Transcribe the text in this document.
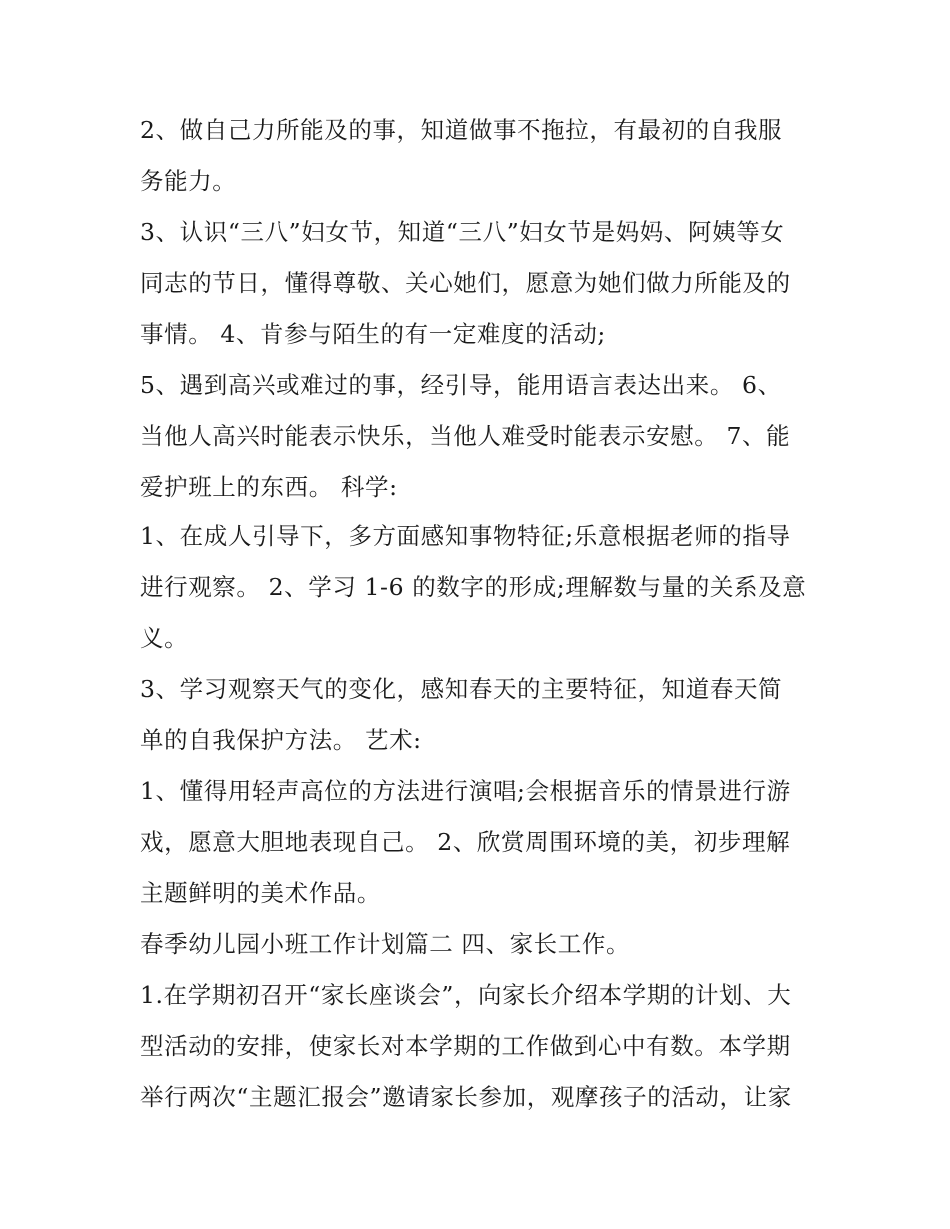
2、做自己力所能及的事，知道做事不拖拉，有最初的自我服
务能力。
3、认识“三八”妇女节，知道“三八”妇女节是妈妈、阿姨等女
同志的节日，懂得尊敬、关心她们，愿意为她们做力所能及的
事情。 4、肯参与陌生的有一定难度的活动;
5、遇到高兴或难过的事，经引导，能用语言表达出来。 6、
当他人高兴时能表示快乐，当他人难受时能表示安慰。 7、能
爱护班上的东西。 科学:
1、在成人引导下，多方面感知事物特征;乐意根据老师的指导
进行观察。 2、学习 1-6 的数字的形成;理解数与量的关系及意
义。
3、学习观察天气的变化，感知春天的主要特征，知道春天简
单的自我保护方法。 艺术:
1、懂得用轻声高位的方法进行演唱;会根据音乐的情景进行游
戏，愿意大胆地表现自己。 2、欣赏周围环境的美，初步理解
主题鲜明的美术作品。
春季幼儿园小班工作计划篇二 四、家长工作。
1.在学期初召开“家长座谈会”，向家长介绍本学期的计划、大
型活动的安排，使家长对本学期的工作做到心中有数。本学期
举行两次“主题汇报会”邀请家长参加，观摩孩子的活动，让家
